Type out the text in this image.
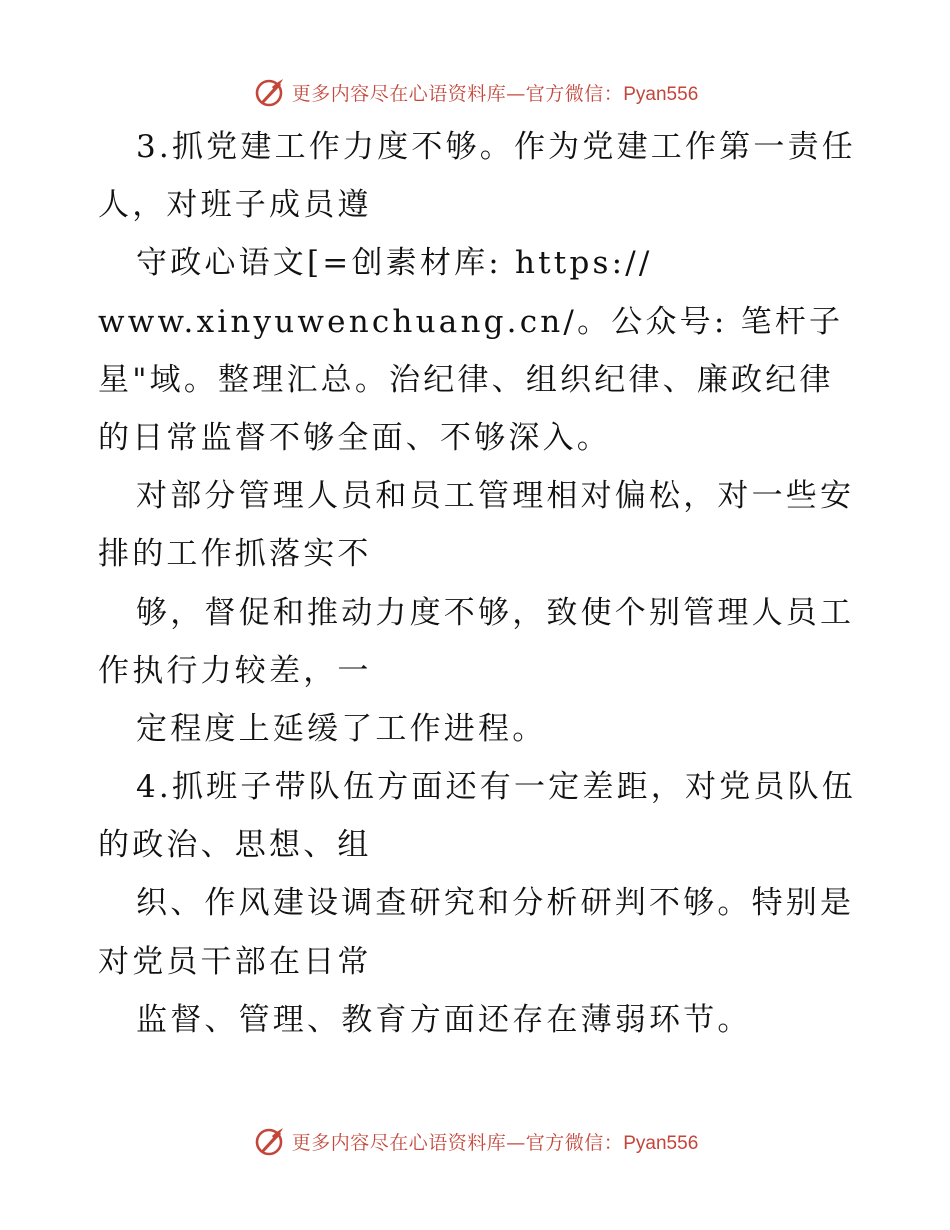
更多内容尽在心语资料库—官方微信：Pyan556
3.抓党建工作力度不够。作为党建工作第一责任
人，对班子成员遵
守政心语文[=创素材库: https://
www.xinyuwenchuang.cn/。公众号: 笔杆子
星"域。整理汇总。治纪律、组织纪律、廉政纪律
的日常监督不够全面、不够深入。
对部分管理人员和员工管理相对偏松，对一些安
排的工作抓落实不
够，督促和推动力度不够，致使个别管理人员工
作执行力较差，一
定程度上延缓了工作进程。
4.抓班子带队伍方面还有一定差距，对党员队伍
的政治、思想、组
织、作风建设调查研究和分析研判不够。特别是
对党员干部在日常
监督、管理、教育方面还存在薄弱环节。
更多内容尽在心语资料库—官方微信：Pyan556
